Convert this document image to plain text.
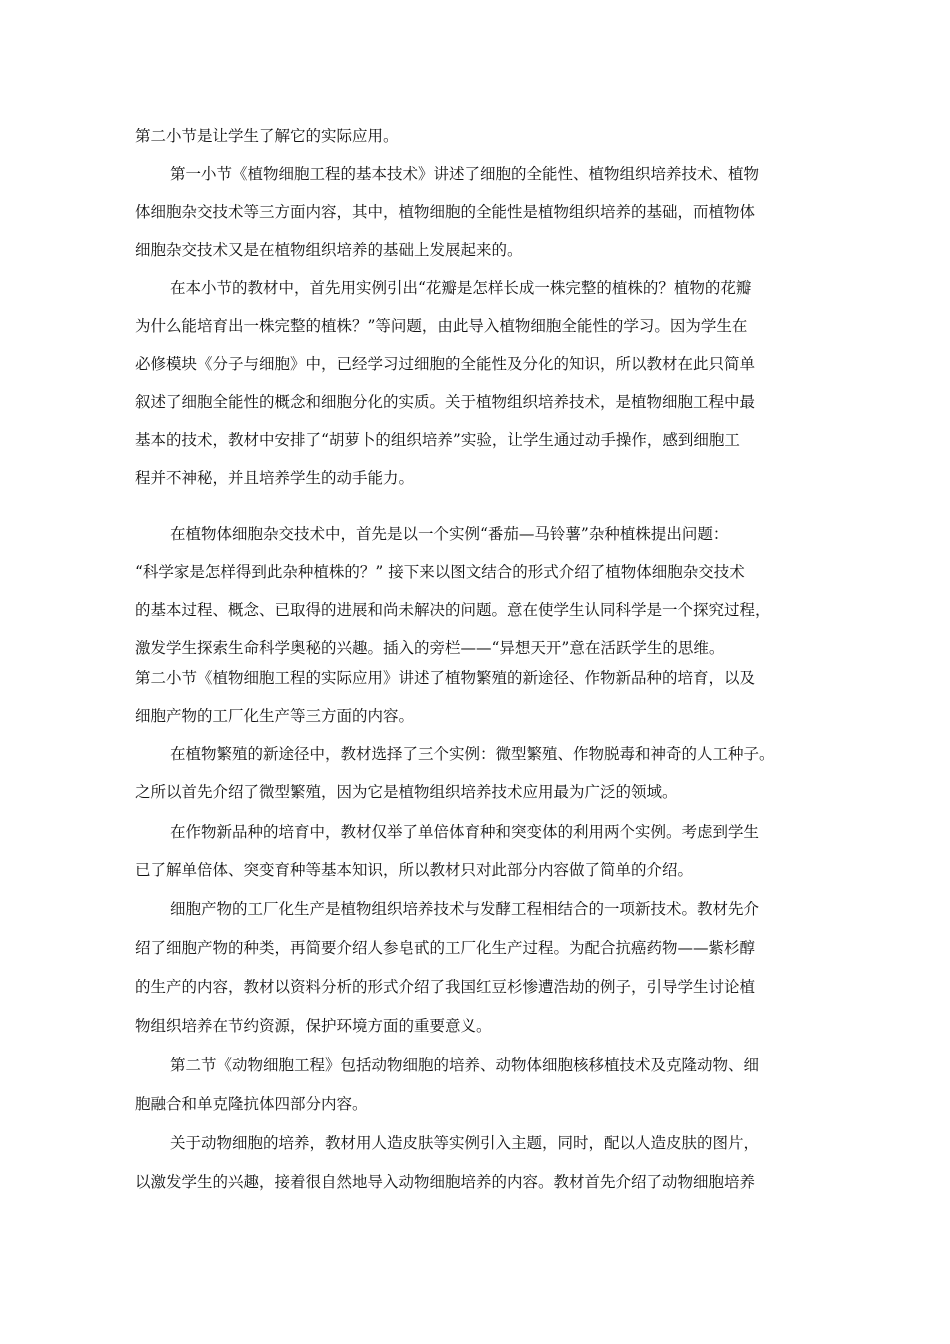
第二小节是让学生了解它的实际应用。
第一小节《植物细胞工程的基本技术》讲述了细胞的全能性、植物组织培养技术、植物
体细胞杂交技术等三方面内容，其中，植物细胞的全能性是植物组织培养的基础，而植物体
细胞杂交技术又是在植物组织培养的基础上发展起来的。
在本小节的教材中，首先用实例引出“花瓣是怎样长成一株完整的植株的？植物的花瓣
为什么能培育出一株完整的植株？”等问题，由此导入植物细胞全能性的学习。因为学生在
必修模块《分子与细胞》中，已经学习过细胞的全能性及分化的知识，所以教材在此只简单
叙述了细胞全能性的概念和细胞分化的实质。关于植物组织培养技术，是植物细胞工程中最
基本的技术，教材中安排了“胡萝卜的组织培养”实验，让学生通过动手操作，感到细胞工
程并不神秘，并且培养学生的动手能力。
在植物体细胞杂交技术中，首先是以一个实例“番茄—马铃薯”杂种植株提出问题：
“科学家是怎样得到此杂种植株的？” 接下来以图文结合的形式介绍了植物体细胞杂交技术
的基本过程、概念、已取得的进展和尚未解决的问题。意在使学生认同科学是一个探究过程，
激发学生探索生命科学奥秘的兴趣。插入的旁栏——“异想天开”意在活跃学生的思维。
第二小节《植物细胞工程的实际应用》讲述了植物繁殖的新途径、作物新品种的培育，以及
细胞产物的工厂化生产等三方面的内容。
在植物繁殖的新途径中，教材选择了三个实例：微型繁殖、作物脱毒和神奇的人工种子。
之所以首先介绍了微型繁殖，因为它是植物组织培养技术应用最为广泛的领域。
在作物新品种的培育中，教材仅举了单倍体育种和突变体的利用两个实例。考虑到学生
已了解单倍体、突变育种等基本知识，所以教材只对此部分内容做了简单的介绍。
细胞产物的工厂化生产是植物组织培养技术与发酵工程相结合的一项新技术。教材先介
绍了细胞产物的种类，再简要介绍人参皂甙的工厂化生产过程。为配合抗癌药物——紫杉醇
的生产的内容，教材以资料分析的形式介绍了我国红豆杉惨遭浩劫的例子，引导学生讨论植
物组织培养在节约资源，保护环境方面的重要意义。
第二节《动物细胞工程》包括动物细胞的培养、动物体细胞核移植技术及克隆动物、细
胞融合和单克隆抗体四部分内容。
关于动物细胞的培养，教材用人造皮肤等实例引入主题，同时，配以人造皮肤的图片，
以激发学生的兴趣，接着很自然地导入动物细胞培养的内容。教材首先介绍了动物细胞培养
